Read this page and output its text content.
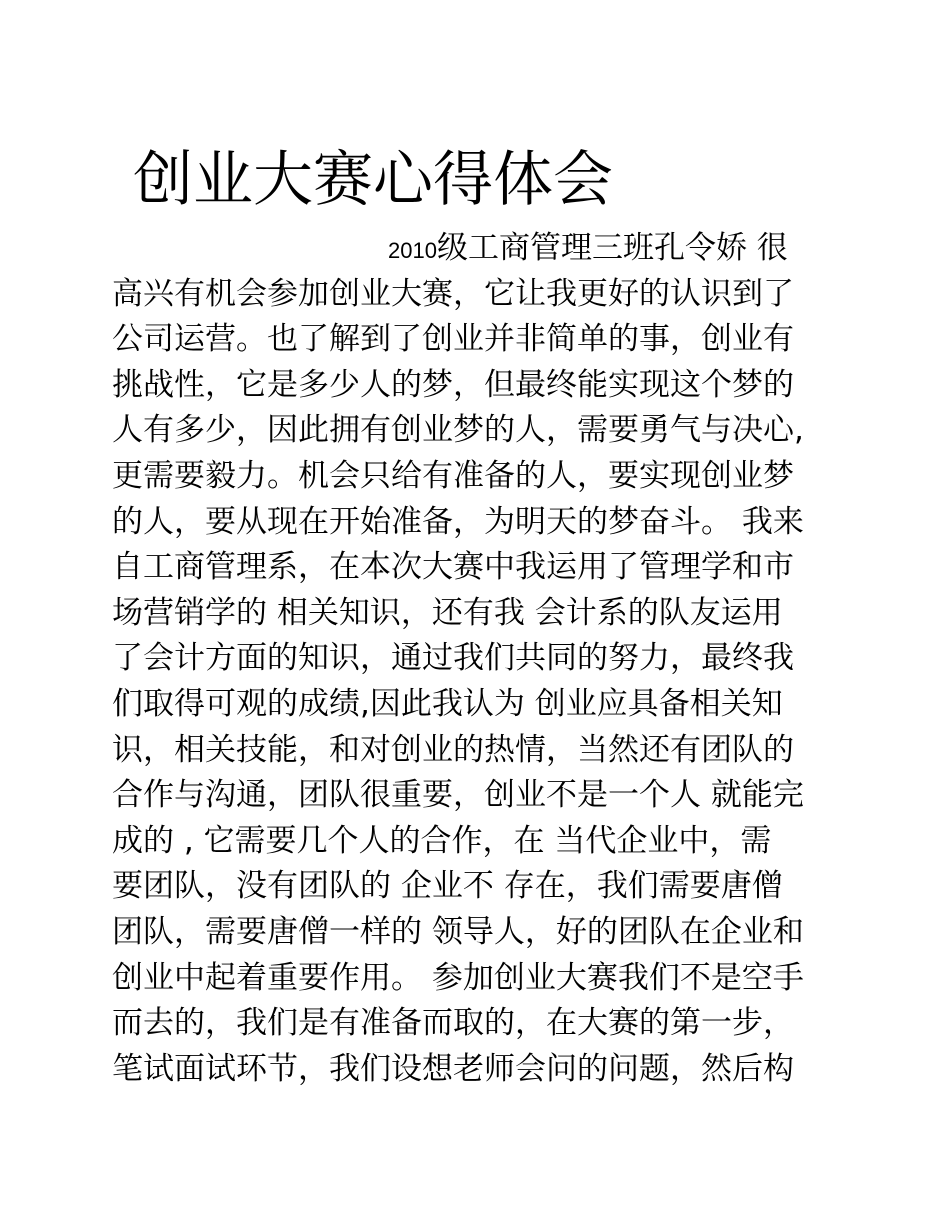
创业大赛心得体会
2010级工商管理三班孔令娇 很
高兴有机会参加创业大赛，它让我更好的认识到了
公司运营。也了解到了创业并非简单的事，创业有
挑战性，它是多少人的梦，但最终能实现这个梦的
人有多少，因此拥有创业梦的人，需要勇气与决心,
更需要毅力。机会只给有准备的人，要实现创业梦
的人，要从现在开始准备，为明天的梦奋斗。 我来
自工商管理系，在本次大赛中我运用了管理学和市
场营销学的 相关知识，还有我 会计系的队友运用
了会计方面的知识，通过我们共同的努力，最终我
们取得可观的成绩,因此我认为 创业应具备相关知
识，相关技能，和对创业的热情，当然还有团队的
合作与沟通，团队很重要，创业不是一个人 就能完
成的 , 它需要几个人的合作，在 当代企业中，需
要团队，没有团队的 企业不 存在，我们需要唐僧
团队，需要唐僧一样的 领导人，好的团队在企业和
创业中起着重要作用。 参加创业大赛我们不是空手
而去的，我们是有准备而取的，在大赛的第一步，
笔试面试环节，我们设想老师会问的问题，然后构
